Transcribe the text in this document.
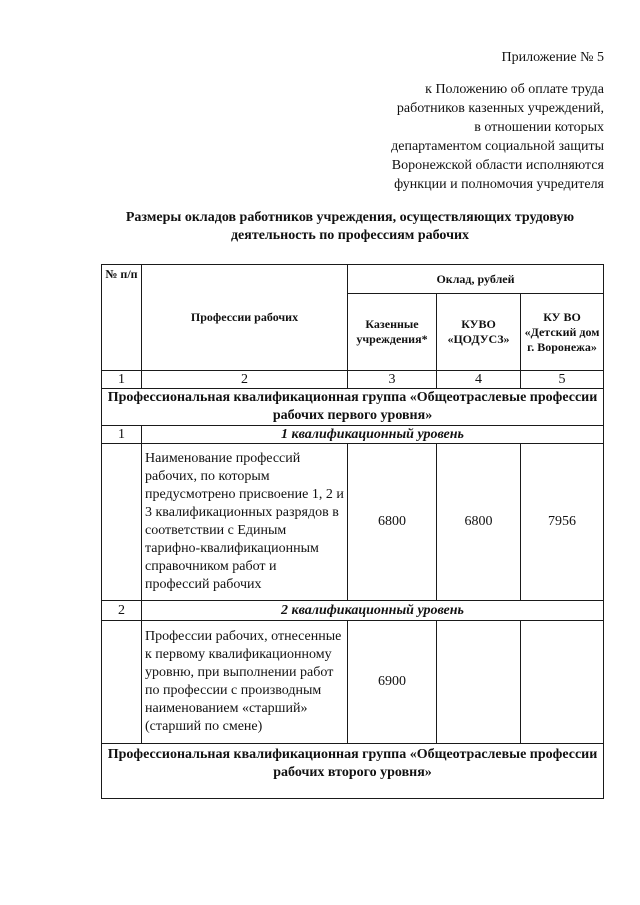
Приложение № 5
к Положению об оплате труда
работников казенных учреждений,
в отношении которых
департаментом социальной защиты
Воронежской области исполняются
функции и полномочия учредителя
Размеры окладов работников учреждения, осуществляющих трудовую
деятельность по профессиям рабочих
№ п/п	Профессии рабочих	Оклад, рублей		
		Казенные учреждения*	КУВО «ЦОДУСЗ»	КУ ВО «Детский дом г. Воронежа»
1	2	3	4	5
Профессиональная квалификационная группа «Общеотраслевые профессии рабочих первого уровня»				
1	1 квалификационный уровень			
	Наименование профессий рабочих, по которым предусмотрено присвоение 1, 2 и 3 квалификационных разрядов в соответствии с Единым тарифно-квалификационным справочником работ и профессий рабочих	6800	6800	7956
2	2 квалификационный уровень			
	Профессии рабочих, отнесенные к первому квалификационному уровню, при выполнении работ по профессии с производным наименованием «старший» (старший по смене)	6900		
Профессиональная квалификационная группа «Общеотраслевые профессии рабочих второго уровня»				
